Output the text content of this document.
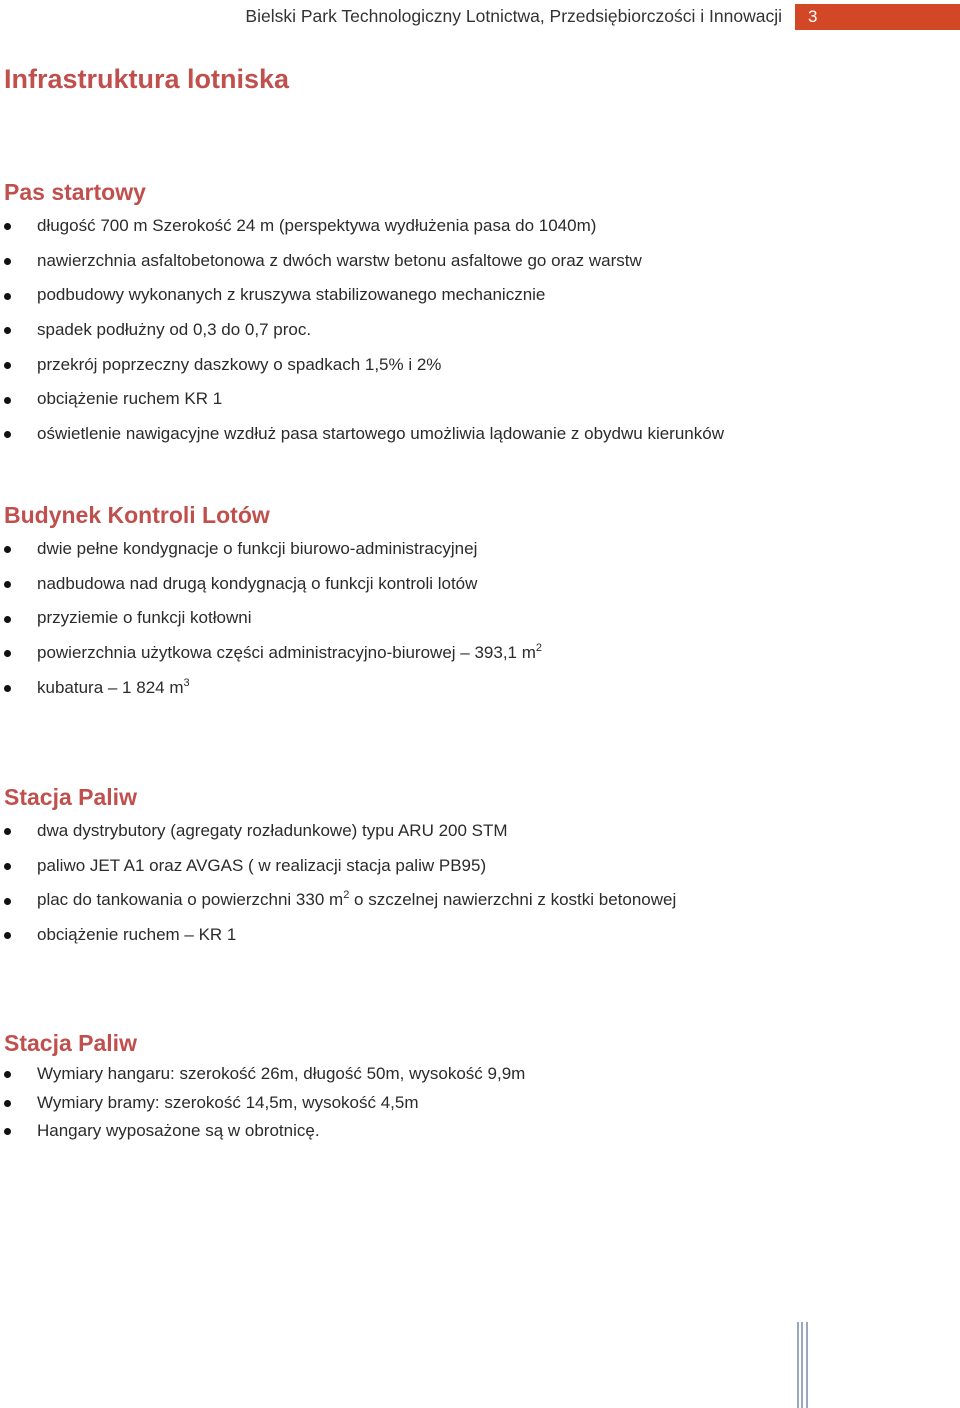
Bielski Park Technologiczny Lotnictwa, Przedsiębiorczości i Innowacji	3
Infrastruktura lotniska
Pas startowy
długość 700 m Szerokość 24 m (perspektywa wydłużenia pasa do 1040m)
nawierzchnia asfaltobetonowa z dwóch warstw betonu asfaltowe go oraz warstw
podbudowy wykonanych z kruszywa stabilizowanego mechanicznie
spadek podłużny od 0,3 do 0,7 proc.
przekrój poprzeczny daszkowy o spadkach 1,5% i 2%
obciążenie ruchem KR 1
oświetlenie nawigacyjne wzdłuż pasa startowego umożliwia lądowanie z obydwu kierunków
Budynek Kontroli Lotów
dwie pełne kondygnacje o funkcji biurowo-administracyjnej
nadbudowa nad drugą kondygnacją o funkcji kontroli lotów
przyziemie o funkcji kotłowni
powierzchnia użytkowa części administracyjno-biurowej – 393,1 $m^2$
kubatura – 1 824 $m^3$
Stacja Paliw
dwa dystrybutory (agregaty rozładunkowe) typu ARU 200 STM
paliwo JET A1 oraz AVGAS ( w realizacji stacja paliw PB95)
plac do tankowania o powierzchni 330 $m^2$ o szczelnej nawierzchni z kostki betonowej
obciążenie ruchem – KR 1
Stacja Paliw
Wymiary hangaru: szerokość 26m, długość 50m, wysokość 9,9m
Wymiary bramy: szerokość 14,5m, wysokość 4,5m
Hangary wyposażone są w obrotnicę.
